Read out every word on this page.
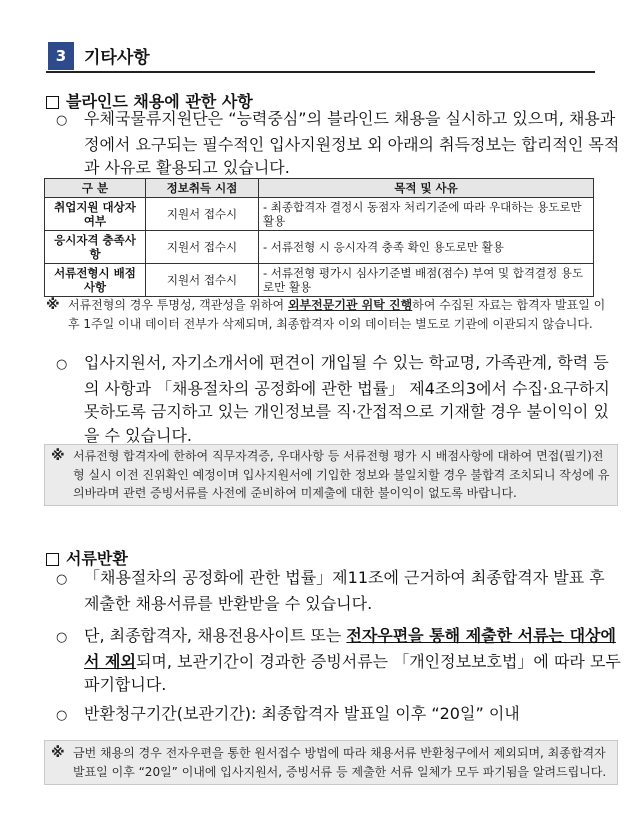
3	기타사항
블라인드 채용에 관한 사항
○ 우체국물류지원단은 “능력중심”의 블라인드 채용을 실시하고 있으며, 채용과정에서 요구되는 필수적인 입사지원정보 외 아래의 취득정보는 합리적인 목적과 사유로 활용되고 있습니다.
구 분	정보취득 시점	목적 및 사유
취업지원 대상자 여부	지원서 접수시	- 최종합격자 결정시 동점자 처리기준에 따라 우대하는 용도로만 활용
응시자격 충족사항	지원서 접수시	- 서류전형 시 응시자격 충족 확인 용도로만 활용
서류전형시 배점사항	지원서 접수시	- 서류전형 평가시 심사기준별 배점(점수) 부여 및 합격결정 용도로만 활용
※ 서류전형의 경우 투명성, 객관성을 위하여 외부전문기관 위탁 진행하여 수집된 자료는 합격자 발표일 이후 1주일 이내 데이터 전부가 삭제되며, 최종합격자 이외 데이터는 별도로 기관에 이관되지 않습니다.
○ 입사지원서, 자기소개서에 편견이 개입될 수 있는 학교명, 가족관계, 학력 등의 사항과 「채용절차의 공정화에 관한 법률」 제4조의3에서 수집·요구하지 못하도록 금지하고 있는 개인정보를 직·간접적으로 기재할 경우 불이익이 있을 수 있습니다.
※ 서류전형 합격자에 한하여 직무자격증, 우대사항 등 서류전형 평가 시 배점사항에 대하여 면접(필기)전형 실시 이전 진위확인 예정이며 입사지원서에 기입한 정보와 불일치할 경우 불합격 조치되니 작성에 유의바라며 관련 증빙서류를 사전에 준비하여 미제출에 대한 불이익이 없도록 바랍니다.
서류반환
○ 「채용절차의 공정화에 관한 법률」제11조에 근거하여 최종합격자 발표 후 제출한 채용서류를 반환받을 수 있습니다.
○ 단, 최종합격자, 채용전용사이트 또는 전자우편을 통해 제출한 서류는 대상에서 제외되며, 보관기간이 경과한 증빙서류는 「개인정보보호법」에 따라 모두 파기합니다.
○ 반환청구기간(보관기간): 최종합격자 발표일 이후 “20일” 이내
※ 금번 채용의 경우 전자우편을 통한 원서접수 방법에 따라 채용서류 반환청구에서 제외되며, 최종합격자 발표일 이후 “20일” 이내에 입사지원서, 증빙서류 등 제출한 서류 일체가 모두 파기됨을 알려드립니다.
